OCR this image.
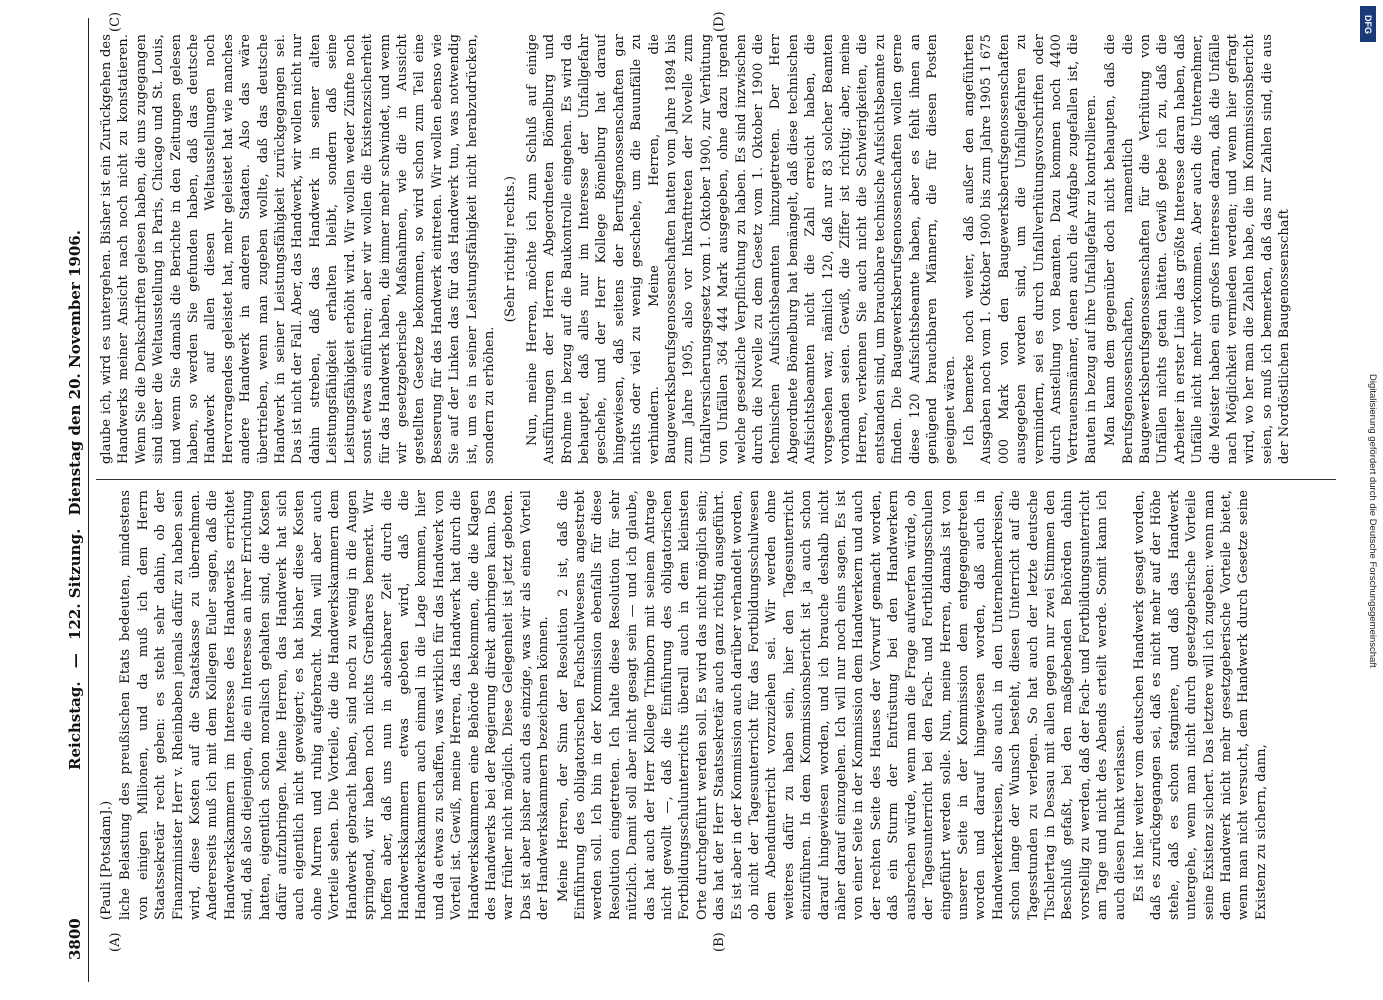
3800
Reichstag. — 122. Sitzung. Dienstag den 20. November 1906.
(A)	(B)
(C)	(D)

(Pauli [Potsdam].) liche Belastung des preußischen Etats bedeuten, mindestens von einigen Millionen, und da muß ich dem Herrn Staatssekretär recht geben: es steht sehr dahin, ob der Finanzminister Herr v. Rheinbaben jemals dafür zu haben sein wird, diese Kosten auf die Staatskasse zu übernehmen. Andererseits muß ich mit dem Kollegen Euler sagen, daß die Handwerkskammern im Interesse des Handwerks errichtet sind, daß also diejenigen, die ein Interesse an ihrer Errichtung hatten, eigentlich schon moralisch gehalten sind, die Kosten dafür aufzubringen. Meine Herren, das Handwerk hat sich auch eigentlich nicht geweigert; es hat bisher diese Kosten ohne Murren und ruhig aufgebracht. Man will aber auch Vorteile sehen. Die Vorteile, die die Handwerkskammern dem Handwerk gebracht haben, sind noch zu wenig in die Augen springend, wir haben noch nichts Greifbares bemerkt. Wir hoffen aber, daß uns nun in absehbarer Zeit durch die Handwerkskammern etwas geboten wird, daß die Handwerkskammern auch einmal in die Lage kommen, hier und da etwas zu schaffen, was wirklich für das Handwerk von Vorteil ist. Gewiß, meine Herren, das Handwerk hat durch die Handwerkskammern eine Behörde bekommen, die die Klagen des Handwerks bei der Regierung direkt anbringen kann. Das war früher nicht möglich. Diese Gelegenheit ist jetzt geboten. Das ist aber bisher auch das einzige, was wir als einen Vorteil der Handwerkskammern bezeichnen können. Meine Herren, der Sinn der Resolution 2 ist, daß die Einführung des obligatorischen Fachschulwesens angestrebt werden soll. Ich bin in der Kommission ebenfalls für diese Resolution eingetreten. Ich halte diese Resolution für sehr nützlich. Damit soll aber nicht gesagt sein — und ich glaube, das hat auch der Herr Kollege Trimborn mit seinem Antrage nicht gewollt —, daß die Einführung des obligatorischen Fortbildungsschulunterrichts überall auch in dem kleinsten Orte durchgeführt werden soll. Es wird das nicht möglich sein; das hat der Herr Staatssekretär auch ganz richtig ausgeführt. Es ist aber in der Kommission auch darüber verhandelt worden, ob nicht der Tagesunterricht für das Fortbildungsschulwesen dem Abendunterricht vorzuziehen sei. Wir werden ohne weiteres dafür zu haben sein, hier den Tagesunterricht einzuführen. In dem Kommissionsbericht ist ja auch schon darauf hingewiesen worden, und ich brauche deshalb nicht näher darauf einzugehen. Ich will nur noch eins sagen. Es ist von einer Seite in der Kommission dem Handwerkern und auch der rechten Seite des Hauses der Vorwurf gemacht worden, daß ein Sturm der Entrüstung bei den Handwerkern ausbrechen würde, wenn man die Frage aufwerfen würde, ob der Tagesunterricht bei den Fach- und Fortbildungsschulen eingeführt werden solle. Nun, meine Herren, damals ist von unserer Seite in der Kommission dem entgegengetreten worden und darauf hingewiesen worden, daß auch in Handwerkerkreisen, also auch in den Unternehmerkreisen, schon lange der Wunsch besteht, diesen Unterricht auf die Tagesstunden zu verlegen. So hat auch der letzte deutsche Tischlertag in Dessau mit allen gegen nur zwei Stimmen den Beschluß gefaßt, bei den maßgebenden Behörden dahin vorstellig zu werden, daß der Fach- und Fortbildungsunterricht am Tage und nicht des Abends erteilt werde. Somit kann ich auch diesen Punkt verlassen. Es ist hier weiter vom deutschen Handwerk gesagt worden, daß es zurückgegangen sei, daß es nicht mehr auf der Höhe stehe, daß es schon stagniere, und daß das Handwerk untergehe, wenn man nicht durch gesetzgeberische Vorteile seine Existenz sichert. Das letztere will ich zugeben: wenn man dem Handwerk nicht mehr gesetzgeberische Vorteile bietet, wenn man nicht versucht, dem Handwerk durch Gesetze seine Existenz zu sichern, dann,

glaube ich, wird es untergehen. Bisher ist ein Zurückgehen des Handwerks meiner Ansicht nach noch nicht zu konstatieren. Wenn Sie die Denkschriften gelesen haben, die uns zugegangen sind über die Weltausstellung in Paris, Chicago und St. Louis, und wenn Sie damals die Berichte in den Zeitungen gelesen haben, so werden Sie gefunden haben, daß das deutsche Handwerk auf allen diesen Weltausstellungen noch Hervorragendes geleistet hat, mehr geleistet hat wie manches andere Handwerk in anderen Staaten. Also das wäre übertrieben, wenn man zugeben wollte, daß das deutsche Handwerk in seiner Leistungsfähigkeit zurückgegangen sei. Das ist nicht der Fall. Aber, das Handwerk, wir wollen nicht nur dahin streben, daß das Handwerk in seiner alten Leistungsfähigkeit erhalten bleibt, sondern daß seine Leistungsfähigkeit erhöht wird. Wir wollen weder Zünfte noch sonst etwas einführen; aber wir wollen die Existenzsicherheit für das Handwerk haben, die immer mehr schwindet, und wenn wir gesetzgeberische Maßnahmen, wie die in Aussicht gestellten Gesetze bekommen, so wird schon zum Teil eine Besserung für das Handwerk eintreten. Wir wollen ebenso wie Sie auf der Linken das für das Handwerk tun, was notwendig ist, um es in seiner Leistungsfähigkeit nicht herabzudrücken, sondern zu erhöhen.

(Sehr richtig! rechts.) Nun, meine Herren, möchte ich zum Schluß auf einige Ausführungen der Herren Abgeordneten Bömelburg und Brohme in bezug auf die Baukontrolle eingehen. Es wird da behauptet, daß alles nur im Interesse der Unfallgefahr geschehe, und der Herr Kollege Bömelburg hat darauf hingewiesen, daß seitens der Berufsgenossenschaften gar nichts oder viel zu wenig geschehe, um die Bauunfälle zu verhindern. Meine Herren, die Baugewerksberufsgenossenschaften hatten vom Jahre 1894 bis zum Jahre 1905, also vor Inkrafttreten der Novelle zum Unfallversicherungsgesetz vom 1. Oktober 1900, zur Verhütung von Unfällen 364 444 Mark ausgegeben, ohne dazu irgend welche gesetzliche Verpflichtung zu haben. Es sind inzwischen durch die Novelle zu dem Gesetz vom 1. Oktober 1900 die technischen Aufsichtsbeamten hinzugetreten. Der Herr Abgeordnete Bömelburg hat bemängelt, daß diese technischen Aufsichtsbeamten nicht die Zahl erreicht haben, die vorgesehen war, nämlich 120, daß nur 83 solcher Beamten vorhanden seien. Gewiß, die Ziffer ist richtig; aber, meine Herren, verkennen Sie auch nicht die Schwierigkeiten, die entstanden sind, um brauchbare technische Aufsichtsbeamte zu finden. Die Baugewerksberufsgenossenschaften wollen gerne diese 120 Aufsichtsbeamte haben, aber es fehlt ihnen an genügend brauchbaren Männern, die für diesen Posten geeignet wären. Ich bemerke noch weiter, daß außer den angeführten Ausgaben noch vom 1. Oktober 1900 bis zum Jahre 1905 1 675 000 Mark von den Baugewerksberufsgenossenschaften ausgegeben worden sind, um die Unfallgefahren zu vermindern, sei es durch Unfallverhütungsvorschriften oder durch Anstellung von Beamten. Dazu kommen noch 4400 Vertrauensmänner, denen auch die Aufgabe zugefallen ist, die Bauten in bezug auf ihre Unfallgefahr zu kontrollieren. Man kann dem gegenüber doch nicht behaupten, daß die Berufsgenossenschaften, namentlich die Baugewerksberufsgenossenschaften für die Verhütung von Unfällen nichts getan hätten. Gewiß gebe ich zu, daß die Arbeiter in erster Linie das größte Interesse daran haben, daß Unfälle nicht mehr vorkommen. Aber auch die Unternehmer, die Meister haben ein großes Interesse daran, daß die Unfälle nach Möglichkeit vermieden werden; und wenn hier gefragt wird, wo her man die Zahlen habe, die im Kommissionsbericht seien, so muß ich bemerken, daß das nur Zahlen sind, die aus der Nordöstlichen Baugenossenschaft

DFG
Digitalisierung gefördert durch die Deutsche Forschungsgemeinschaft
